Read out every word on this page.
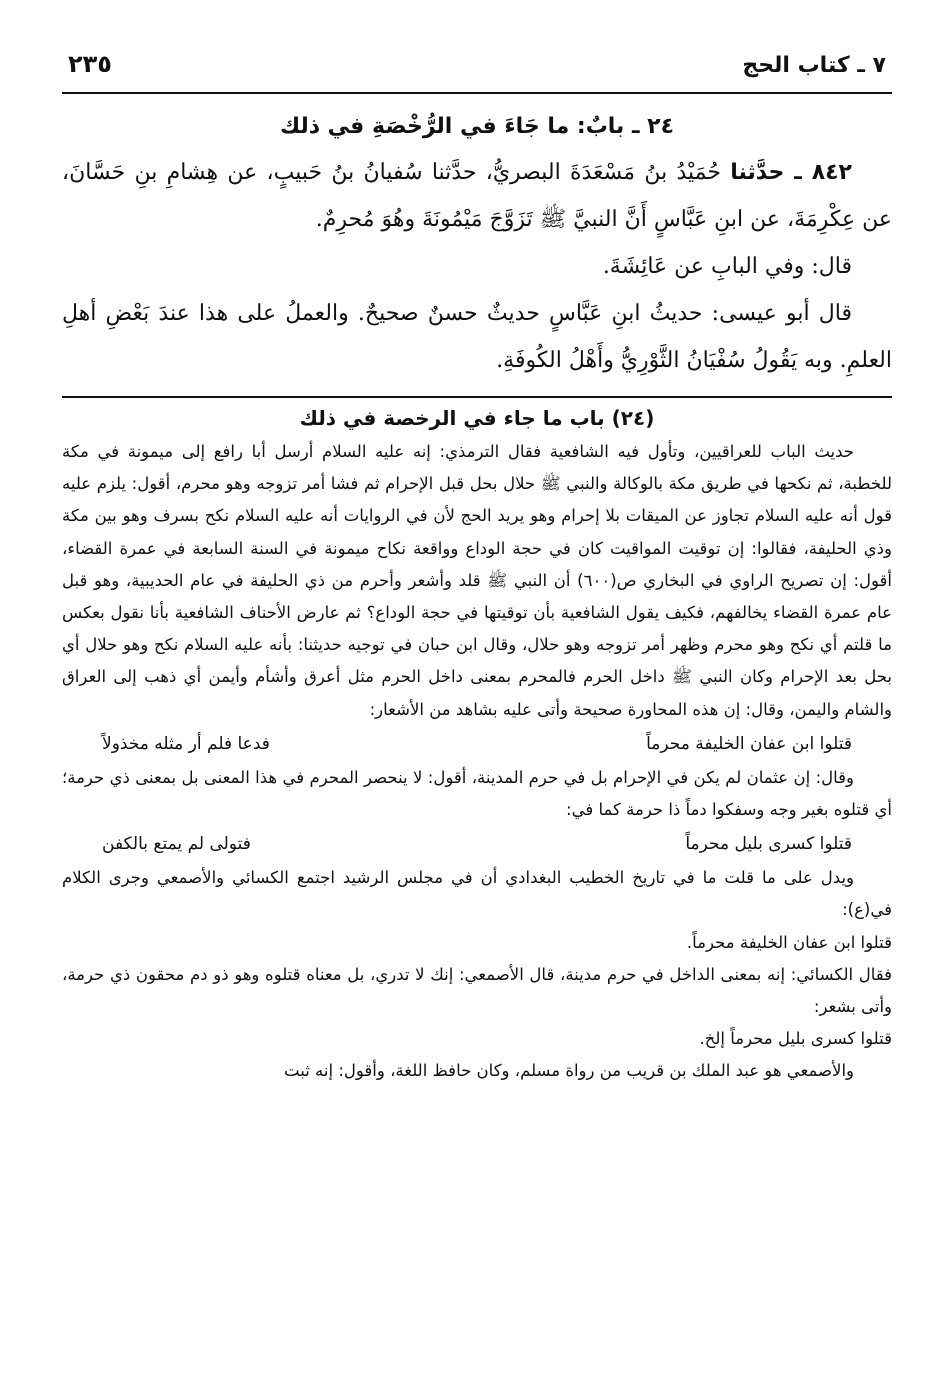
٧ ـ كتاب الحج
٢٣٥
٢٤ ـ بابٌ: ما جَاءَ في الرُّخْصَةِ في ذلك

٨٤٢ ـ حدَّثنا حُمَيْدُ بنُ مَسْعَدَةَ البصريُّ، حدَّثنا سُفيانُ بنُ حَبيبٍ، عن هِشامِ بنِ حَسَّانَ، عن عِكْرِمَةَ، عن ابنِ عَبَّاسٍ أَنَّ النبيَّ ﷺ تَزَوَّجَ مَيْمُونَةَ وهُوَ مُحرِمٌ.

قال: وفي البابِ عن عَائِشَةَ.

قال أبو عيسى: حديثُ ابنِ عَبَّاسٍ حديثٌ حسنٌ صحيحٌ. والعملُ على هذا عندَ بَعْضِ أهلِ العلمِ. وبه يَقُولُ سُفْيَانُ الثَّوْرِيُّ وأَهْلُ الكُوفَةِ.

(٢٤) باب ما جاء في الرخصة في ذلك

حديث الباب للعراقيين، وتأول فيه الشافعية فقال الترمذي: إنه عليه السلام أرسل أبا رافع إلى ميمونة في مكة للخطبة، ثم نكحها في طريق مكة بالوكالة والنبي ﷺ حلال بحل قبل الإحرام ثم فشا أمر تزوجه وهو محرم، أقول: يلزم عليه قول أنه عليه السلام تجاوز عن الميقات بلا إحرام وهو يريد الحج لأن في الروايات أنه عليه السلام نكح بسرف وهو بين مكة وذي الحليفة، فقالوا: إن توقيت المواقيت كان في حجة الوداع وواقعة نكاح ميمونة في السنة السابعة في عمرة القضاء، أقول: إن تصريح الراوي في البخاري ص(٦٠٠) أن النبي ﷺ قلد وأشعر وأحرم من ذي الحليفة في عام الحديبية، وهو قبل عام عمرة القضاء يخالفهم، فكيف يقول الشافعية بأن توقيتها في حجة الوداع؟ ثم عارض الأحناف الشافعية بأنا نقول بعكس ما قلتم أي نكح وهو محرم وظهر أمر تزوجه وهو حلال، وقال ابن حبان في توجيه حديثنا: بأنه عليه السلام نكح وهو حلال أي بحل بعد الإحرام وكان النبي ﷺ داخل الحرم فالمحرم بمعنى داخل الحرم مثل أعرق وأشأم وأيمن أي ذهب إلى العراق والشام واليمن، وقال: إن هذه المحاورة صحيحة وأتى عليه بشاهد من الأشعار:

قتلوا ابن عفان الخليفة محرماً
فدعا فلم أر مثله مخذولاً

وقال: إن عثمان لم يكن في الإحرام بل في حرم المدينة، أقول: لا ينحصر المحرم في هذا المعنى بل بمعنى ذي حرمة؛ أي قتلوه بغير وجه وسفكوا دماً ذا حرمة كما في:

قتلوا كسرى بليل محرماً
فتولى لم يمتع بالكفن

ويدل على ما قلت ما في تاريخ الخطيب البغدادي أن في مجلس الرشيد اجتمع الكسائي والأصمعي وجرى الكلام في(ع):

قتلوا ابن عفان الخليفة محرماً.

فقال الكسائي: إنه بمعنى الداخل في حرم مدينة، قال الأصمعي: إنك لا تدري، بل معناه قتلوه وهو ذو دم محقون ذي حرمة، وأتى بشعر:

قتلوا كسرى بليل محرماً إلخ.

والأصمعي هو عبد الملك بن قريب من رواة مسلم، وكان حافظ اللغة، وأقول: إنه ثبت
